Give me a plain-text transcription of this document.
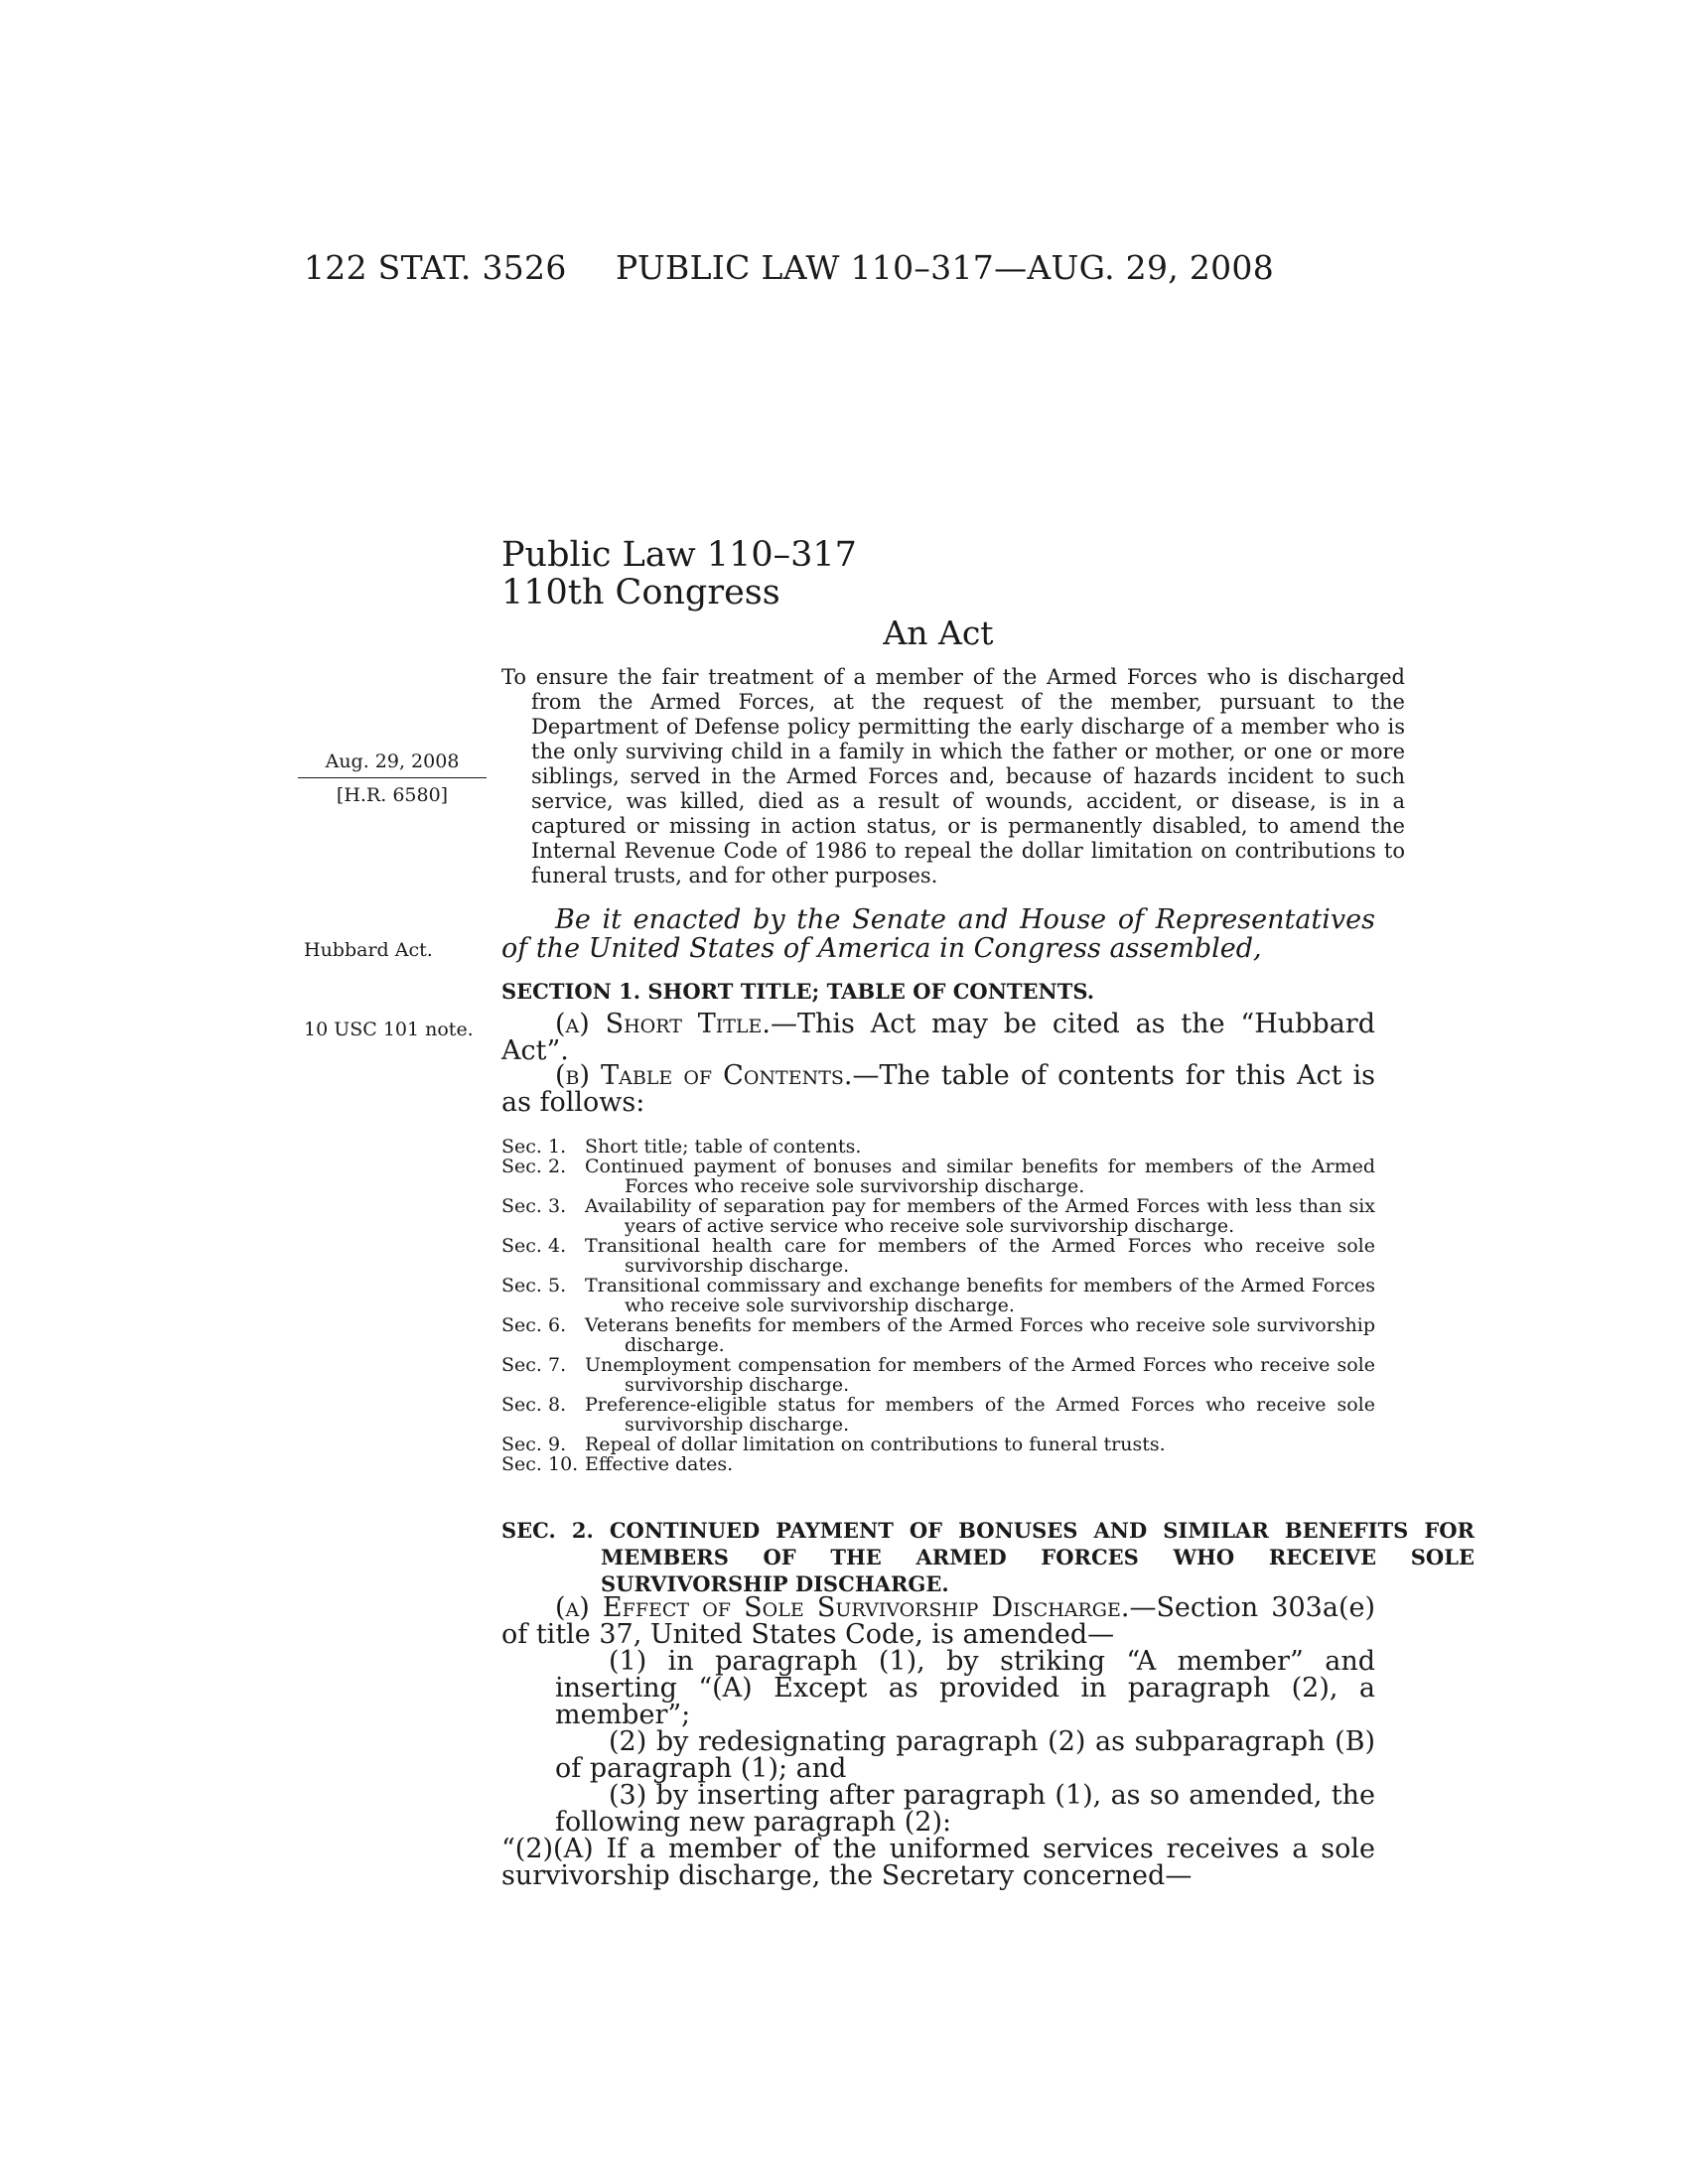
122 STAT. 3526 PUBLIC LAW 110–317—AUG. 29, 2008
Public Law 110–317
110th Congress
An Act
To ensure the fair treatment of a member of the Armed Forces who is discharged from the Armed Forces, at the request of the member, pursuant to the Department of Defense policy permitting the early discharge of a member who is the only surviving child in a family in which the father or mother, or one or more siblings, served in the Armed Forces and, because of hazards incident to such service, was killed, died as a result of wounds, accident, or disease, is in a captured or missing in action status, or is permanently disabled, to amend the Internal Revenue Code of 1986 to repeal the dollar limitation on contributions to funeral trusts, and for other purposes.
Aug. 29, 2008
[H.R. 6580]
Hubbard Act.
10 USC 101 note.
Be it enacted by the Senate and House of Representatives of the United States of America in Congress assembled,
SECTION 1. SHORT TITLE; TABLE OF CONTENTS.

(a) Short Title.—This Act may be cited as the “Hubbard Act”.

(b) Table of Contents.—The table of contents for this Act is as follows:

Sec. 1. Short title; table of contents.
Sec. 2. Continued payment of bonuses and similar benefits for members of the Armed Forces who receive sole survivorship discharge.
Sec. 3. Availability of separation pay for members of the Armed Forces with less than six years of active service who receive sole survivorship discharge.
Sec. 4. Transitional health care for members of the Armed Forces who receive sole survivorship discharge.
Sec. 5. Transitional commissary and exchange benefits for members of the Armed Forces who receive sole survivorship discharge.
Sec. 6. Veterans benefits for members of the Armed Forces who receive sole survivorship discharge.
Sec. 7. Unemployment compensation for members of the Armed Forces who receive sole survivorship discharge.
Sec. 8. Preference-eligible status for members of the Armed Forces who receive sole survivorship discharge.
Sec. 9. Repeal of dollar limitation on contributions to funeral trusts.
Sec. 10. Effective dates.
SEC. 2. CONTINUED PAYMENT OF BONUSES AND SIMILAR BENEFITS FOR MEMBERS OF THE ARMED FORCES WHO RECEIVE SOLE SURVIVORSHIP DISCHARGE.

(a) Effect of Sole Survivorship Discharge.—Section 303a(e) of title 37, United States Code, is amended—

(1) in paragraph (1), by striking “A member” and inserting “(A) Except as provided in paragraph (2), a member”;

(2) by redesignating paragraph (2) as subparagraph (B) of paragraph (1); and

(3) by inserting after paragraph (1), as so amended, the following new paragraph (2):

“(2)(A) If a member of the uniformed services receives a sole survivorship discharge, the Secretary concerned—
